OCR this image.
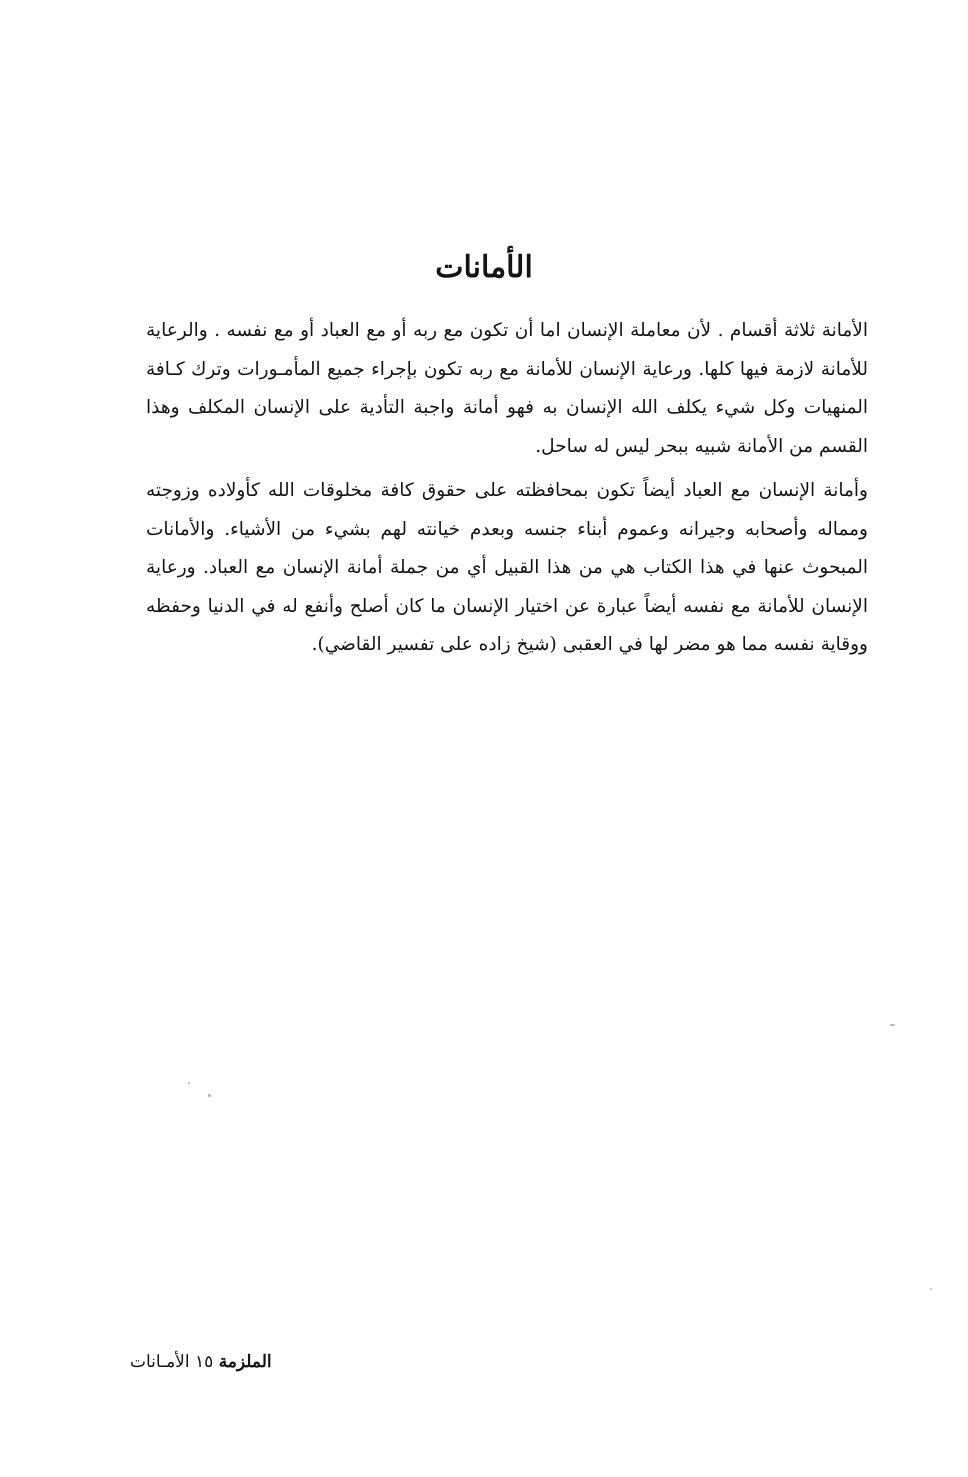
الأمانات

الأمانة ثلاثة أقسام . لأن معاملة الإنسان اما أن تكون مع ربه أو مع العباد أو مع نفسه . والرعاية للأمانة لازمة فيها كلها. ورعاية الإنسان للأمانة مع ربه تكون بإجراء جميع المأمـورات وترك كـافة المنهيات وكل شيء يكلف الله الإنسان به فهو أمانة واجبة التأدية على الإنسان المكلف وهذا القسم من الأمانة شبيه ببحر ليس له ساحل.

وأمانة الإنسان مع العباد أيضاً تكون بمحافظته على حقوق كافة مخلوقات الله كأولاده وزوجته ومماله وأصحابه وجيرانه وعموم أبناء جنسه وبعدم خيانته لهم بشيء من الأشياء. والأمانات المبحوث عنها في هذا الكتاب هي من هذا القبيل أي من جملة أمانة الإنسان مع العباد. ورعاية الإنسان للأمانة مع نفسه أيضاً عبارة عن اختيار الإنسان ما كان أصلح وأنفع له في الدنيا وحفظه ووقاية نفسه مما هو مضر لها في العقبى (شيخ زاده على تفسير القاضي).

الملزمة ١٥ الأمـانات
